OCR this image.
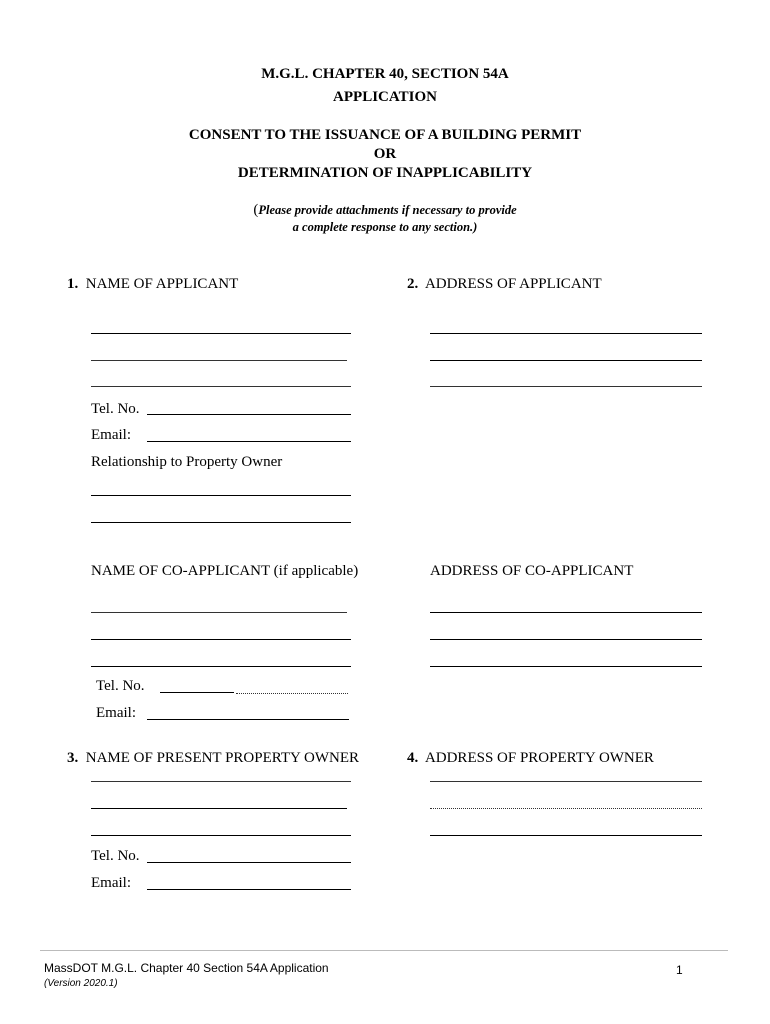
M.G.L. CHAPTER 40, SECTION 54A
APPLICATION
CONSENT TO THE ISSUANCE OF A BUILDING PERMIT
OR
DETERMINATION OF INAPPLICABILITY
(Please provide attachments if necessary to provide
a complete response to any section.)
1. NAME OF APPLICANT
Tel. No.
Email:
Relationship to Property Owner
2. ADDRESS OF APPLICANT
NAME OF CO-APPLICANT (if applicable)	ADDRESS OF CO-APPLICANT
Tel. No.
Email:
3. NAME OF PRESENT PROPERTY OWNER
Tel. No.
Email:
4. ADDRESS OF PROPERTY OWNER
MassDOT M.G.L. Chapter 40 Section 54A Application
(Version 2020.1)
1
